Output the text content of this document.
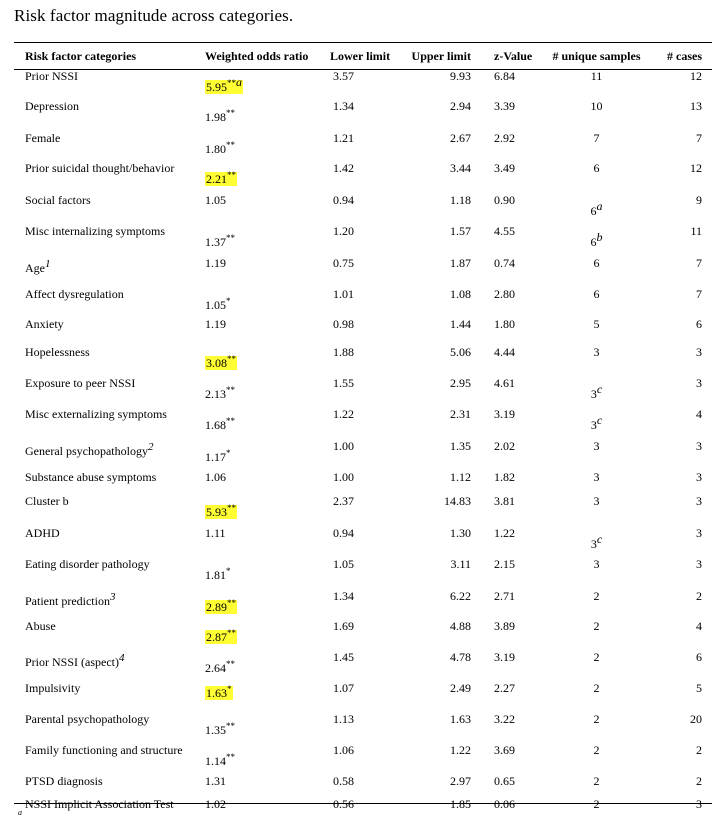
Risk factor magnitude across categories.
Risk factor categories	Weighted odds ratio	Lower limit	Upper limit	z-Value	# unique samples	# cases
Prior NSSI	5.95$^{**a}$	3.57	9.93	6.84	11	12
Depression	1.98**	1.34	2.94	3.39	10	13
Female	1.80**	1.21	2.67	2.92	7	7
Prior suicidal thought/behavior	2.21**	1.42	3.44	3.49	6	12
Social factors	1.05	0.94	1.18	0.90	6$^a$	9
Misc internalizing symptoms	1.37**	1.20	1.57	4.55	6$^b$	11
Age$^1$	1.19	0.75	1.87	0.74	6	7
Affect dysregulation	1.05*	1.01	1.08	2.80	6	7
Anxiety	1.19	0.98	1.44	1.80	5	6
Hopelessness	3.08**	1.88	5.06	4.44	3	3
Exposure to peer NSSI	2.13**	1.55	2.95	4.61	3$^c$	3
Misc externalizing symptoms	1.68**	1.22	2.31	3.19	3$^c$	4
General psychopathology$^2$	1.17*	1.00	1.35	2.02	3	3
Substance abuse symptoms	1.06	1.00	1.12	1.82	3	3
Cluster b	5.93**	2.37	14.83	3.81	3	3
ADHD	1.11	0.94	1.30	1.22	3$^c$	3
Eating disorder pathology	1.81*	1.05	3.11	2.15	3	3
Patient prediction$^3$	2.89**	1.34	6.22	2.71	2	2
Abuse	2.87**	1.69	4.88	3.89	2	4
Prior NSSI (aspect)$^4$	2.64**	1.45	4.78	3.19	2	6
Impulsivity	1.63*	1.07	2.49	2.27	2	5
Parental psychopathology	1.35**	1.13	1.63	3.22	2	20
Family functioning and structure	1.14**	1.06	1.22	3.69	2	2
PTSD diagnosis	1.31	0.58	2.97	0.65	2	2
NSSI Implicit Association Test	1.02	0.56	1.85	0.06	2	3
a
